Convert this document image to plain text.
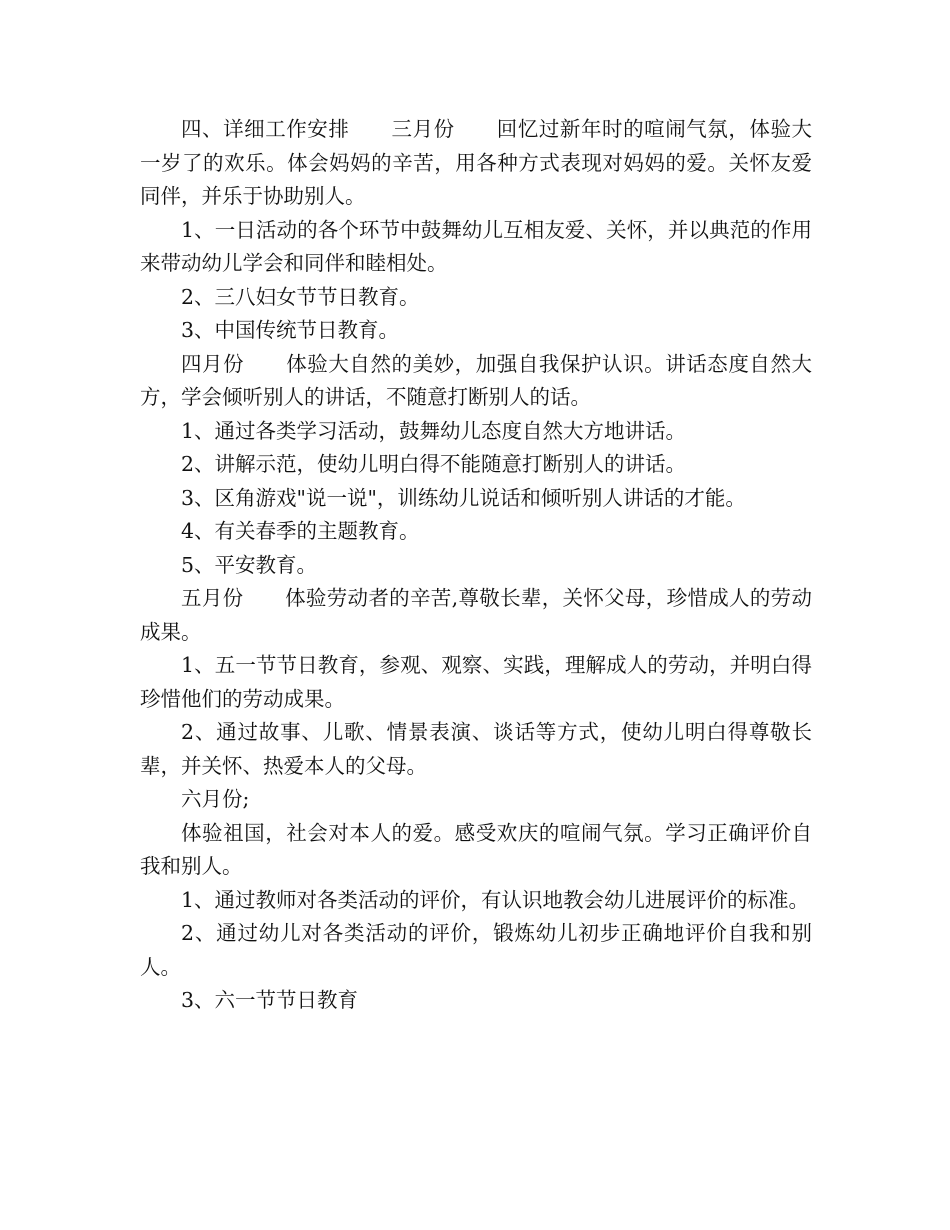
四、详细工作安排　　三月份　　回忆过新年时的喧闹气氛，体验大一岁了的欢乐。体会妈妈的辛苦，用各种方式表现对妈妈的爱。关怀友爱同伴，并乐于协助别人。

1、一日活动的各个环节中鼓舞幼儿互相友爱、关怀，并以典范的作用来带动幼儿学会和同伴和睦相处。

2、三八妇女节节日教育。

3、中国传统节日教育。

四月份　　体验大自然的美妙，加强自我保护认识。讲话态度自然大方，学会倾听别人的讲话，不随意打断别人的话。

1、通过各类学习活动，鼓舞幼儿态度自然大方地讲话。

2、讲解示范，使幼儿明白得不能随意打断别人的讲话。

3、区角游戏"说一说"，训练幼儿说话和倾听别人讲话的才能。

4、有关春季的主题教育。

5、平安教育。

五月份　　体验劳动者的辛苦,尊敬长辈，关怀父母，珍惜成人的劳动成果。

1、五一节节日教育，参观、观察、实践，理解成人的劳动，并明白得珍惜他们的劳动成果。

2、通过故事、儿歌、情景表演、谈话等方式，使幼儿明白得尊敬长辈，并关怀、热爱本人的父母。

六月份;

体验祖国，社会对本人的爱。感受欢庆的喧闹气氛。学习正确评价自我和别人。

1、通过教师对各类活动的评价，有认识地教会幼儿进展评价的标准。

2、通过幼儿对各类活动的评价，锻炼幼儿初步正确地评价自我和别人。

3、六一节节日教育
